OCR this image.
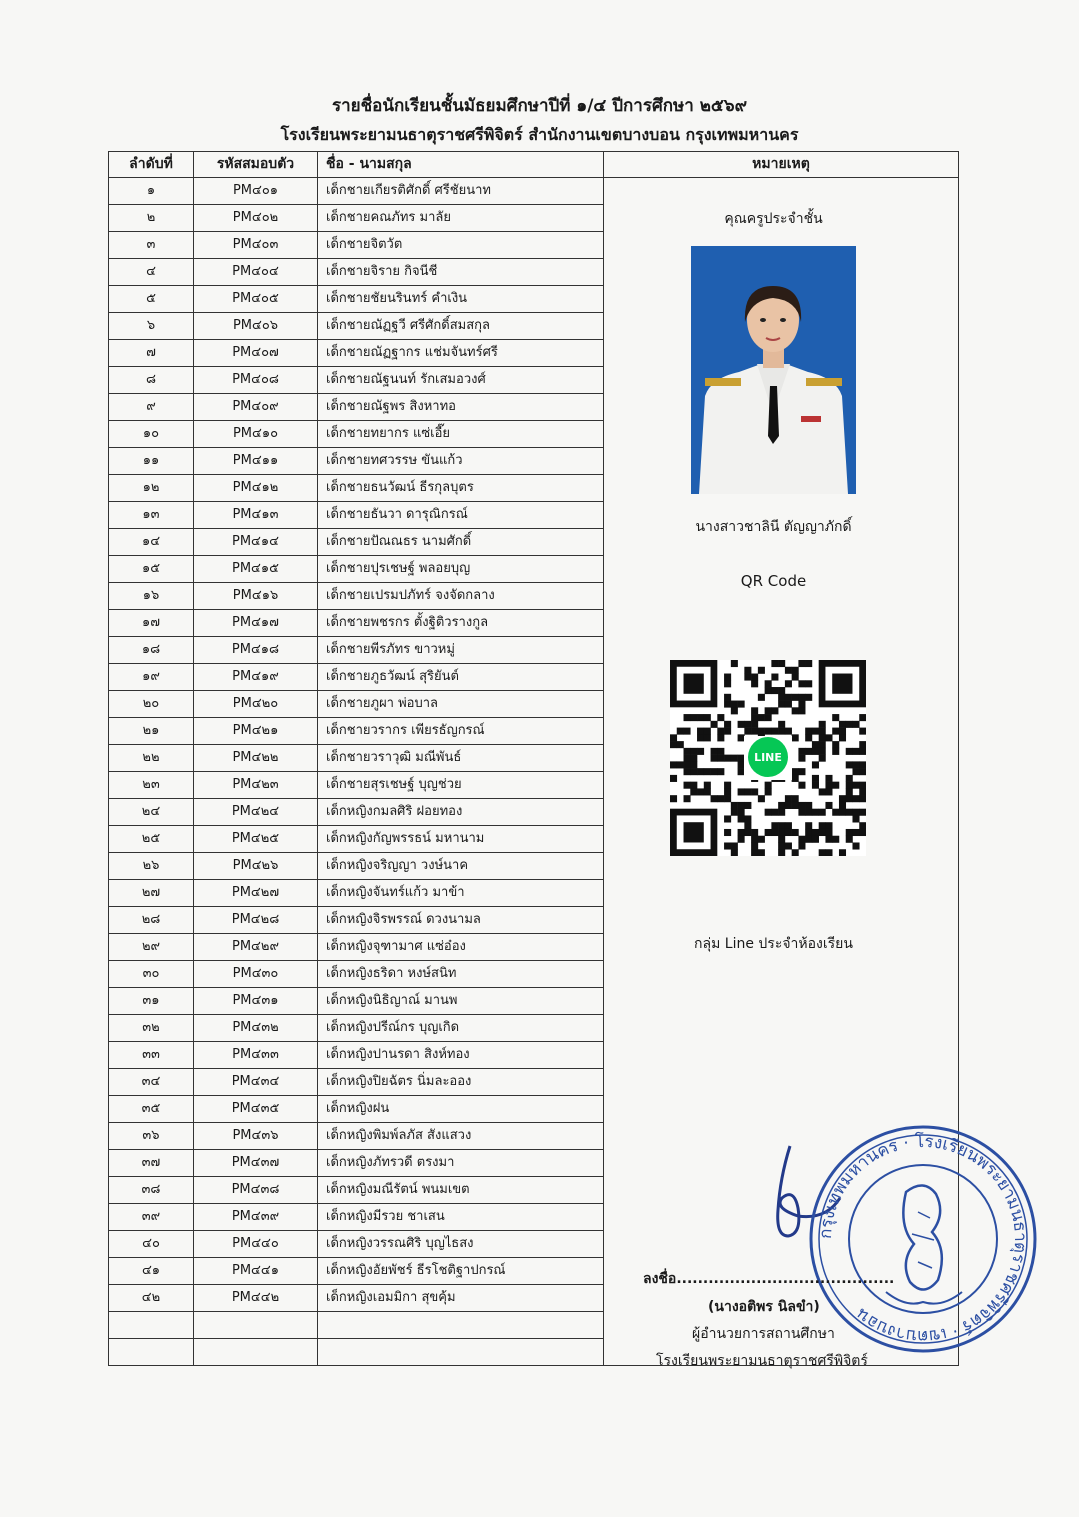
รายชื่อนักเรียนชั้นมัธยมศึกษาปีที่ ๑/๔ ปีการศึกษา ๒๕๖๙
โรงเรียนพระยามนธาตุราชศรีพิจิตร์ สำนักงานเขตบางบอน กรุงเทพมหานคร
ลำดับที่	รหัสสมอบตัว	ชื่อ - นามสกุล	หมายเหตุ
๑	PM๔๐๑	เด็กชายเกียรติศักดิ์ ศรีชัยนาท	
๒	PM๔๐๒	เด็กชายคณภัทร มาลัย	
๓	PM๔๐๓	เด็กชายจิตวัต	
๔	PM๔๐๔	เด็กชายจิราย กิจนีชี	
๕	PM๔๐๕	เด็กชายชัยนรินทร์ คำเงิน	
๖	PM๔๐๖	เด็กชายณัฏฐวี ศรีศักดิ์สมสกุล	
๗	PM๔๐๗	เด็กชายณัฏฐากร แช่มจันทร์ศรี	
๘	PM๔๐๘	เด็กชายณัฐนนท์ รักเสมอวงศ์	
๙	PM๔๐๙	เด็กชายณัฐพร สิงหาทอ	
๑๐	PM๔๑๐	เด็กชายทยากร แซ่เอี๊ย	
๑๑	PM๔๑๑	เด็กชายทศวรรษ ขันแก้ว	
๑๒	PM๔๑๒	เด็กชายธนวัฒน์ ธีรกุลบุตร	
๑๓	PM๔๑๓	เด็กชายธันวา ดารุณิกรณ์	
๑๔	PM๔๑๔	เด็กชายปัณณธร นามศักดิ์	
๑๕	PM๔๑๕	เด็กชายปุรเชษฐ์ พลอยบุญ	
๑๖	PM๔๑๖	เด็กชายเปรมปภัทร์ จงจัดกลาง	
๑๗	PM๔๑๗	เด็กชายพชรกร ตั้งฐิติวรางกูล	
๑๘	PM๔๑๘	เด็กชายพีรภัทร ขาวหมู่	
๑๙	PM๔๑๙	เด็กชายภูธวัฒน์ สุริยันต์	
๒๐	PM๔๒๐	เด็กชายภูผา พ่อบาล	
๒๑	PM๔๒๑	เด็กชายวรากร เพียรธัญกรณ์	
๒๒	PM๔๒๒	เด็กชายวราวุฒิ มณีพันธ์	
๒๓	PM๔๒๓	เด็กชายสุรเชษฐ์ บุญช่วย	
๒๔	PM๔๒๔	เด็กหญิงกมลศิริ ฝอยทอง	
๒๕	PM๔๒๕	เด็กหญิงกัญพรรธน์ มหานาม	
๒๖	PM๔๒๖	เด็กหญิงจริญญา วงษ์นาค	
๒๗	PM๔๒๗	เด็กหญิงจันทร์แก้ว มาข้า	
๒๘	PM๔๒๘	เด็กหญิงจิรพรรณ์ ดวงนามล	
๒๙	PM๔๒๙	เด็กหญิงจุฑามาศ แซ่อ๋อง	
๓๐	PM๔๓๐	เด็กหญิงธริดา หงษ์สนิท	
๓๑	PM๔๓๑	เด็กหญิงนิธิญาณ์ มานพ	
๓๒	PM๔๓๒	เด็กหญิงปรีณ์กร บุญเกิด	
๓๓	PM๔๓๓	เด็กหญิงปานรดา สิงห์ทอง	
๓๔	PM๔๓๔	เด็กหญิงปิยฉัตร นิ่มละออง	
๓๕	PM๔๓๕	เด็กหญิงฝน	
๓๖	PM๔๓๖	เด็กหญิงพิมพ์ลภัส สังแสวง	
๓๗	PM๔๓๗	เด็กหญิงภัทรวดี ตรงมา	
๓๘	PM๔๓๘	เด็กหญิงมณีรัตน์ พนมเขต	
๓๙	PM๔๓๙	เด็กหญิงมีรวย ชาเสน	
๔๐	PM๔๔๐	เด็กหญิงวรรณศิริ บุญไธสง	
๔๑	PM๔๔๑	เด็กหญิงอัยพัชร์ ธีรโชติฐาปกรณ์	
๔๒	PM๔๔๒	เด็กหญิงเอมมิกา สุขคุ้ม	

คุณครูประจำชั้น
นางสาวชาลินี ตัญญาภักดิ์
QR Code
LINE
กลุ่ม Line ประจำห้องเรียน
กรุงเทพมหานคร · โรงเรียนพระยามนธาตุราชศรีพิจิตร์ · เขตบางบอน
ลงชื่อ.........................................
(นางอติพร นิลขำ)
ผู้อำนวยการสถานศึกษา
โรงเรียนพระยามนธาตุราชศรีพิจิตร์
